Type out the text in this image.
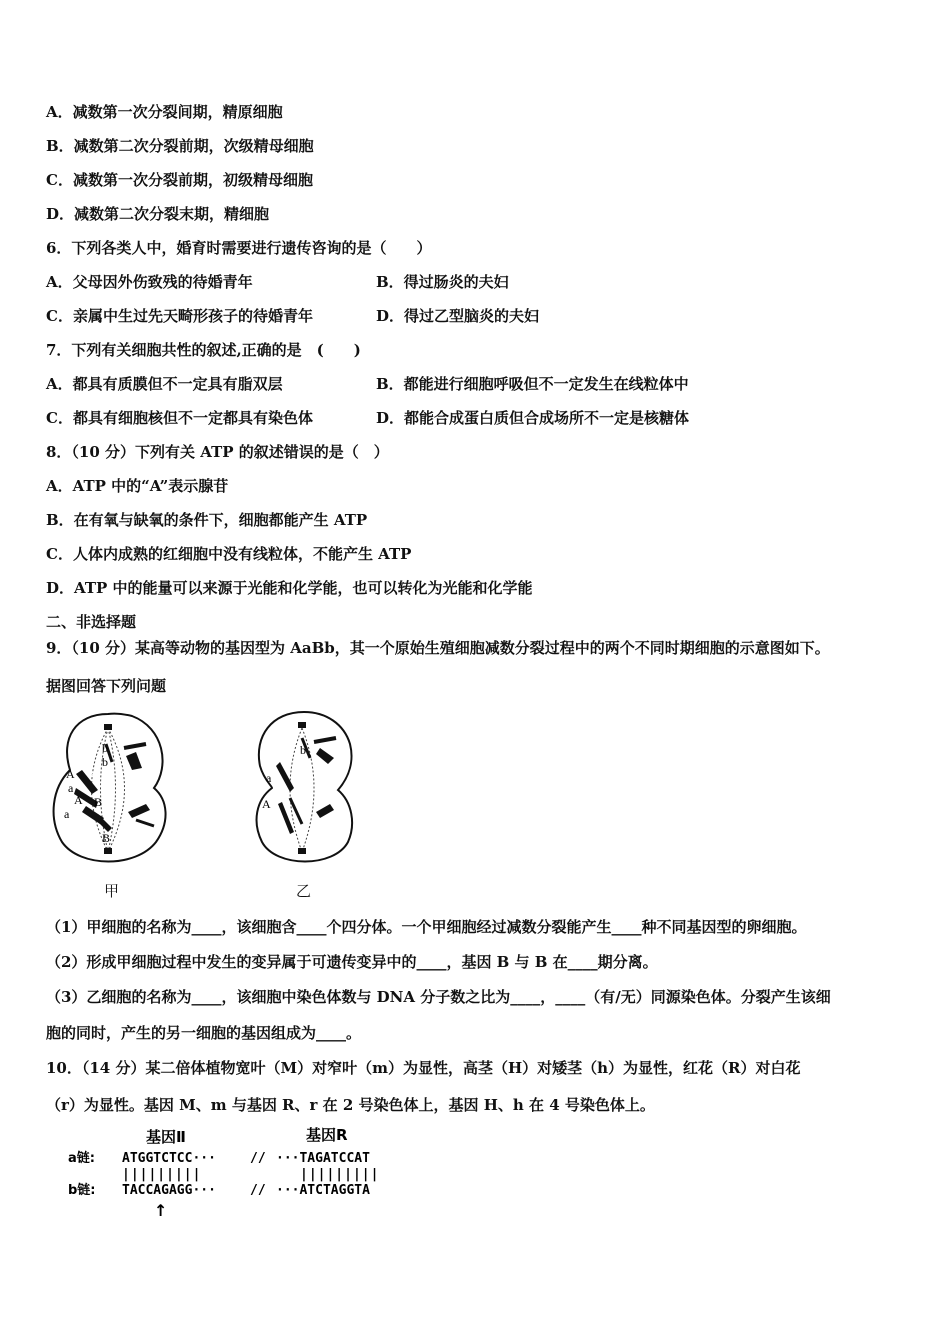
A．减数第一次分裂间期，精原细胞
B．减数第二次分裂前期，次级精母细胞
C．减数第一次分裂前期，初级精母细胞
D．减数第二次分裂末期，精细胞
6．下列各类人中，婚育时需要进行遗传咨询的是（　　）
A．父母因外伤致残的待婚青年	B．得过肠炎的夫妇
C．亲属中生过先天畸形孩子的待婚青年	D．得过乙型脑炎的夫妇
7．下列有关细胞共性的叙述,正确的是　(　　)
A．都具有质膜但不一定具有脂双层	B．都能进行细胞呼吸但不一定发生在线粒体中
C．都具有细胞核但不一定都具有染色体	D．都能合成蛋白质但合成场所不一定是核糖体
8．（10 分）下列有关 ATP 的叙述错误的是（　）
A．ATP 中的“A”表示腺苷
B．在有氧与缺氧的条件下，细胞都能产生 ATP
C．人体内成熟的红细胞中没有线粒体，不能产生 ATP
D．ATP 中的能量可以来源于光能和化学能，也可以转化为光能和化学能
二、非选择题
9．（10 分）某高等动物的基因型为 AaBb，其一个原始生殖细胞减数分裂过程中的两个不同时期细胞的示意图如下。
据图回答下列问题
A
a
A
a
B
B
b
b
甲
a
A
b
乙
（1）甲细胞的名称为____，该细胞含____个四分体。一个甲细胞经过减数分裂能产生____种不同基因型的卵细胞。
（2）形成甲细胞过程中发生的变异属于可遗传变异中的____，基因 B 与 B 在____期分离。
（3）乙细胞的名称为____，该细胞中染色体数与 DNA 分子数之比为____，____（有/无）同源染色体。分裂产生该细
胞的同时，产生的另一细胞的基因组成为____。
10．（14 分）某二倍体植物宽叶（M）对窄叶（m）为显性，高茎（H）对矮茎（h）为显性，红花（R）对白花
（r）为显性。基因 M、m 与基因 R、r 在 2 号染色体上，基因 H、h 在 4 号染色体上。
基因Ⅱ	基因R
a链: ATGGTCTCC···	// ···TAGATCCAT
|||||||||	|||||||||
b链: TACCAGAGG···	// ···ATCTAGGTA
↑
